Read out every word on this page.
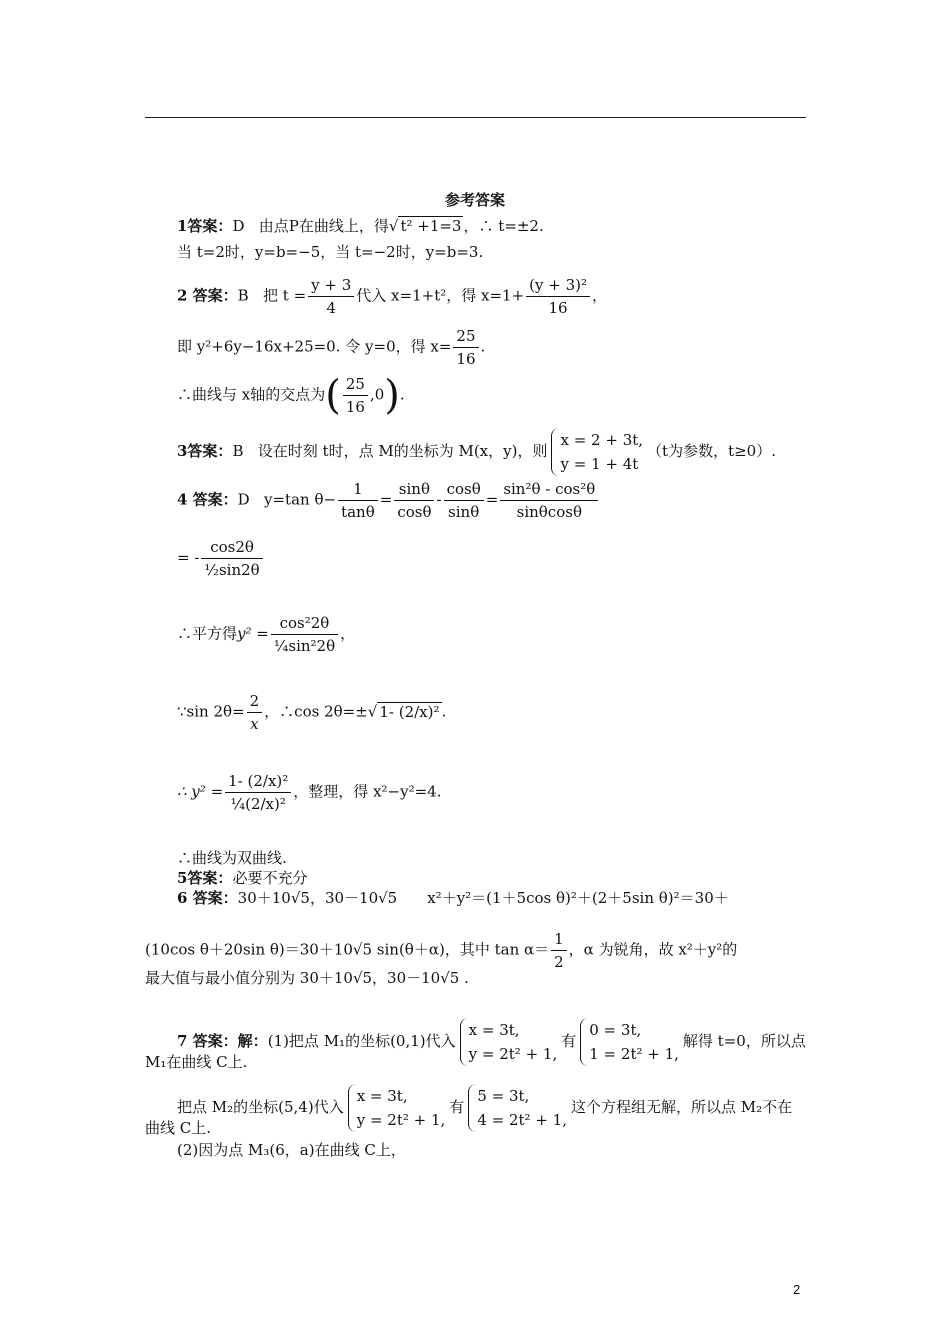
参考答案
1答案：D 由点P在曲线上，得√ t² +1=3 ，∴ t=±2.
当 t=2时，y=b=−5，当 t=−2时，y=b=3.
2 答案：B 把 $t = \frac{y + 3}{4}$ 代入 x=1+t²，得 $x=1+ \frac{\text{(y + 3)²}}{16}$ ，
即 y²+6y−16x+25=0. 令 y=0，得 $x= \frac{25}{16}$ .
∴曲线与 x轴的交点为( $\frac{25}{16} ,0$).
3答案：B 设在时刻 t时，点 M的坐标为 M(x，y)，则
x = 2 + 3t,
y = 1 + 4t
（t为参数，t≥0）.
4 答案：D y=tan $\theta- \frac{1}{\tan\theta} = \frac{\sin\theta}{\cos\theta} - \frac{\cos\theta}{\sin\theta} = \frac{\text{sin²θ - cos²θ}}{\sin\theta\cos\theta}$
= - $\frac{\cos 2\theta}{\text{½sin2θ}}$
∴平方得$y^2 = \frac{\text{cos²2θ}}{\text{¼sin²2θ}}$ ，
∵sin $2\theta= \frac{2}{x}$ ，∴cos 2θ=±√ 1- (2/x)² .
∴ $y^2 = \frac{\text{1- (2/x)²}}{\text{¼(2/x)²}}$ ，整理，得 x²−y²=4.
∴曲线为双曲线.
5答案：必要不充分
6 答案：30＋10√5，30－10√5　　x²＋y²＝(1＋5cos θ)²＋(2＋5sin θ)²＝30＋
(10cos θ＋20sin θ)＝30＋10√5 sin(θ＋α)，其中 $\tan \alpha= \frac{1}{2}$ ，α 为锐角，故 x²＋y²的
最大值与最小值分别为 30＋10√5，30－10√5 .
7 答案：解：(1)把点 M₁的坐标(0,1)代入
x = 3t,
y = 2t² + 1,
有
0 = 3t,
1 = 2t² + 1,
解得 t=0，所以点
M₁在曲线 C上.
把点 M₂的坐标(5,4)代入
x = 3t,
y = 2t² + 1,
有
5 = 3t,
4 = 2t² + 1,
这个方程组无解，所以点 M₂不在
曲线 C上.
(2)因为点 M₃(6，a)在曲线 C上，
2
